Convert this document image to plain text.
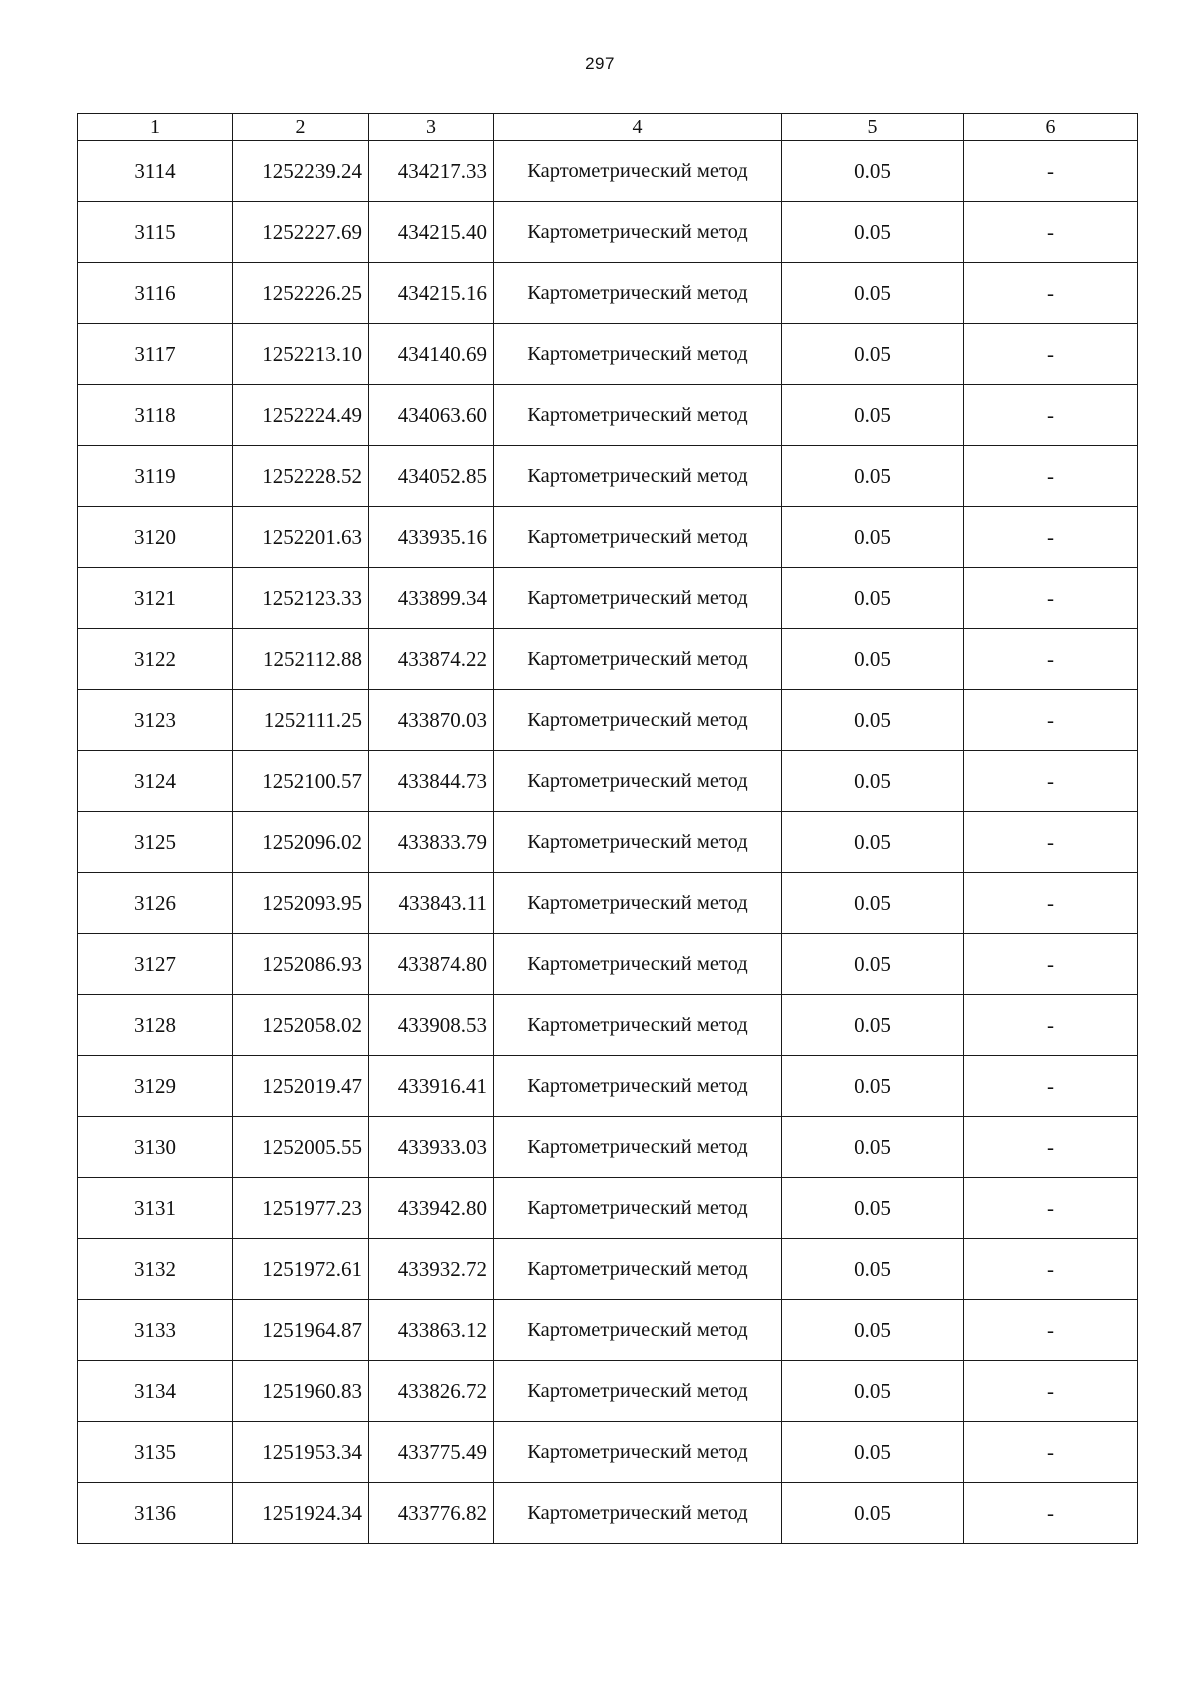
297
1	2	3	4	5	6
3114	1252239.24	434217.33	Картометрический метод	0.05	-
3115	1252227.69	434215.40	Картометрический метод	0.05	-
3116	1252226.25	434215.16	Картометрический метод	0.05	-
3117	1252213.10	434140.69	Картометрический метод	0.05	-
3118	1252224.49	434063.60	Картометрический метод	0.05	-
3119	1252228.52	434052.85	Картометрический метод	0.05	-
3120	1252201.63	433935.16	Картометрический метод	0.05	-
3121	1252123.33	433899.34	Картометрический метод	0.05	-
3122	1252112.88	433874.22	Картометрический метод	0.05	-
3123	1252111.25	433870.03	Картометрический метод	0.05	-
3124	1252100.57	433844.73	Картометрический метод	0.05	-
3125	1252096.02	433833.79	Картометрический метод	0.05	-
3126	1252093.95	433843.11	Картометрический метод	0.05	-
3127	1252086.93	433874.80	Картометрический метод	0.05	-
3128	1252058.02	433908.53	Картометрический метод	0.05	-
3129	1252019.47	433916.41	Картометрический метод	0.05	-
3130	1252005.55	433933.03	Картометрический метод	0.05	-
3131	1251977.23	433942.80	Картометрический метод	0.05	-
3132	1251972.61	433932.72	Картометрический метод	0.05	-
3133	1251964.87	433863.12	Картометрический метод	0.05	-
3134	1251960.83	433826.72	Картометрический метод	0.05	-
3135	1251953.34	433775.49	Картометрический метод	0.05	-
3136	1251924.34	433776.82	Картометрический метод	0.05	-
